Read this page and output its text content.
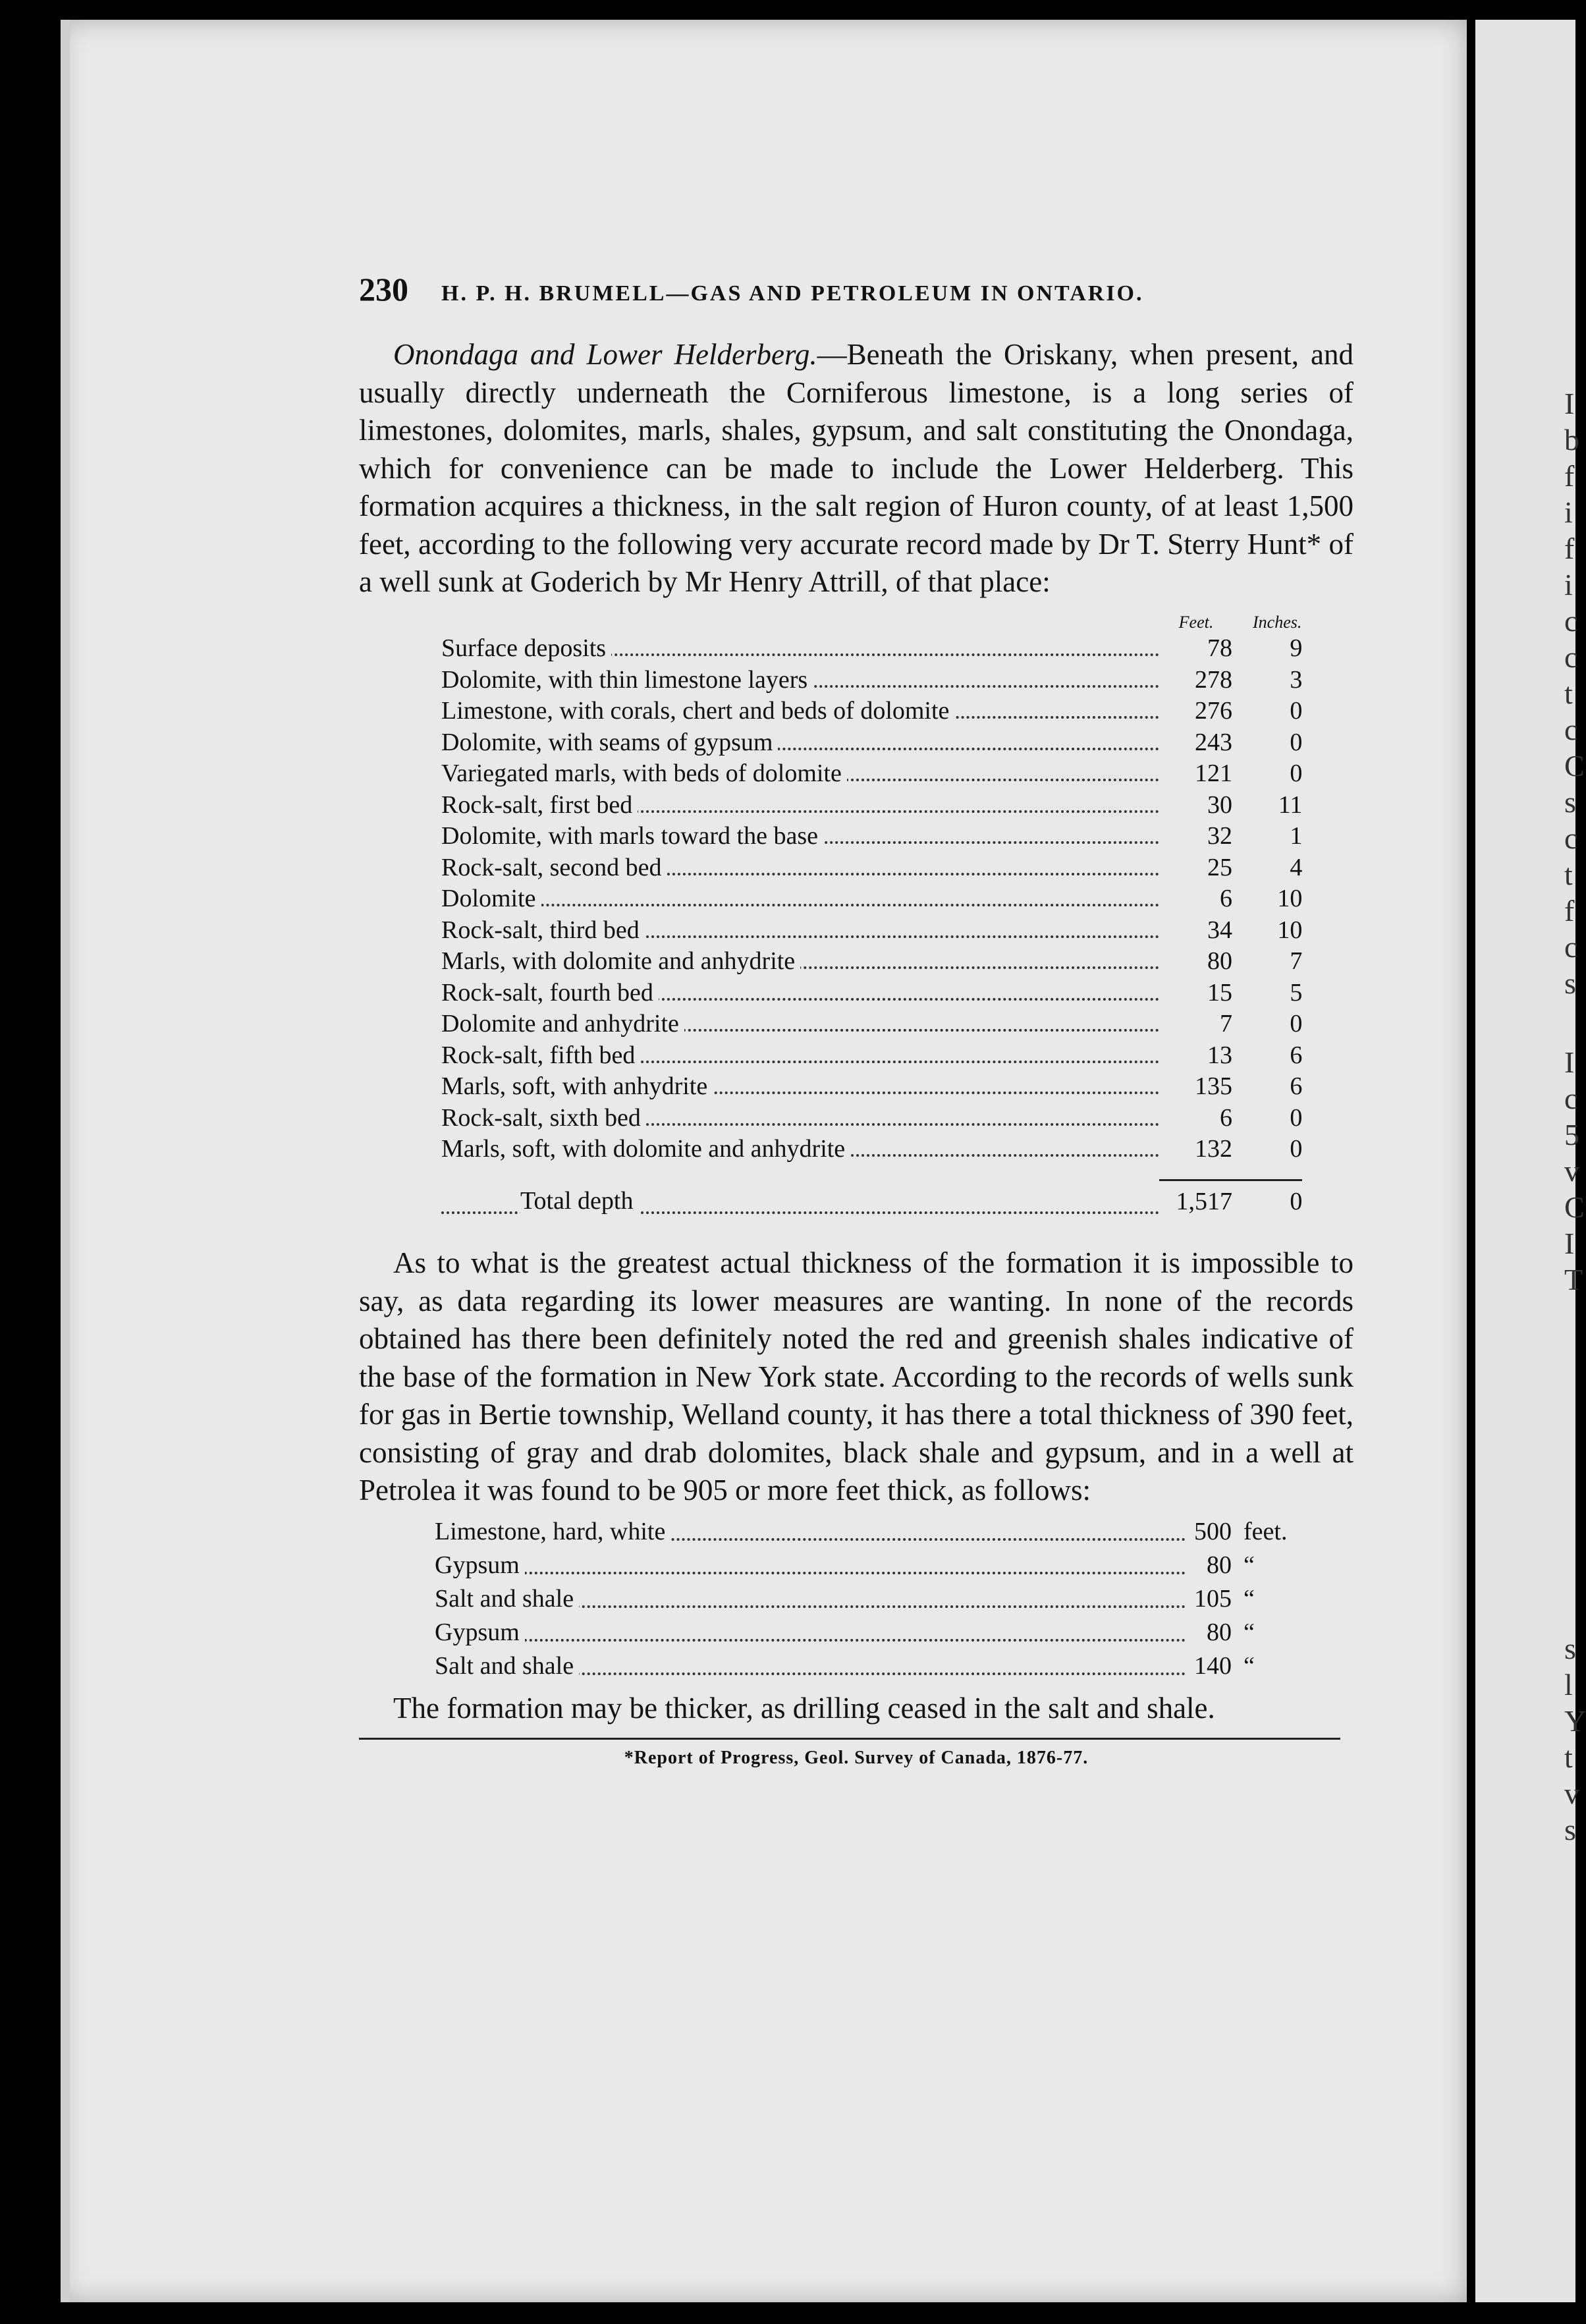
I
b
f
i
f
i
c
c
t
c
C
s
c
t
f
c
s
I
c
5
v
C
I
T
s
l
Y
t
v
s
230 H. P. H. BRUMELL—GAS AND PETROLEUM IN ONTARIO.

Onondaga and Lower Helderberg.—Beneath the Oriskany, when present, and usually directly underneath the Corniferous limestone, is a long series of limestones, dolomites, marls, shales, gypsum, and salt constituting the Onondaga, which for convenience can be made to include the Lower Helderberg. This formation acquires a thickness, in the salt region of Huron county, of at least 1,500 feet, according to the following very accurate record made by Dr T. Sterry Hunt* of a well sunk at Goderich by Mr Henry Attrill, of that place:

	Feet.	Inches.

Surface deposits	78	9

Dolomite, with thin limestone layers	278	3

Limestone, with corals, chert and beds of dolomite	276	0

Dolomite, with seams of gypsum	243	0

Variegated marls, with beds of dolomite	121	0

Rock-salt, first bed	30	11

Dolomite, with marls toward the base	32	1

Rock-salt, second bed	25	4

Dolomite	6	10

Rock-salt, third bed	34	10

Marls, with dolomite and anhydrite	80	7

Rock-salt, fourth bed	15	5

Dolomite and anhydrite	7	0

Rock-salt, fifth bed	13	6

Marls, soft, with anhydrite	135	6

Rock-salt, sixth bed	6	0

Marls, soft, with dolomite and anhydrite	132	0

Total depth	1,517	0

As to what is the greatest actual thickness of the formation it is impossible to say, as data regarding its lower measures are wanting. In none of the records obtained has there been definitely noted the red and greenish shales indicative of the base of the formation in New York state. According to the records of wells sunk for gas in Bertie township, Welland county, it has there a total thickness of 390 feet, consisting of gray and drab dolomites, black shale and gypsum, and in a well at Petrolea it was found to be 905 or more feet thick, as follows:

Limestone, hard, white	500	feet.

Gypsum	80	“

Salt and shale	105	“

Gypsum	80	“

Salt and shale	140	“

The formation may be thicker, as drilling ceased in the salt and shale.

*Report of Progress, Geol. Survey of Canada, 1876-77.
